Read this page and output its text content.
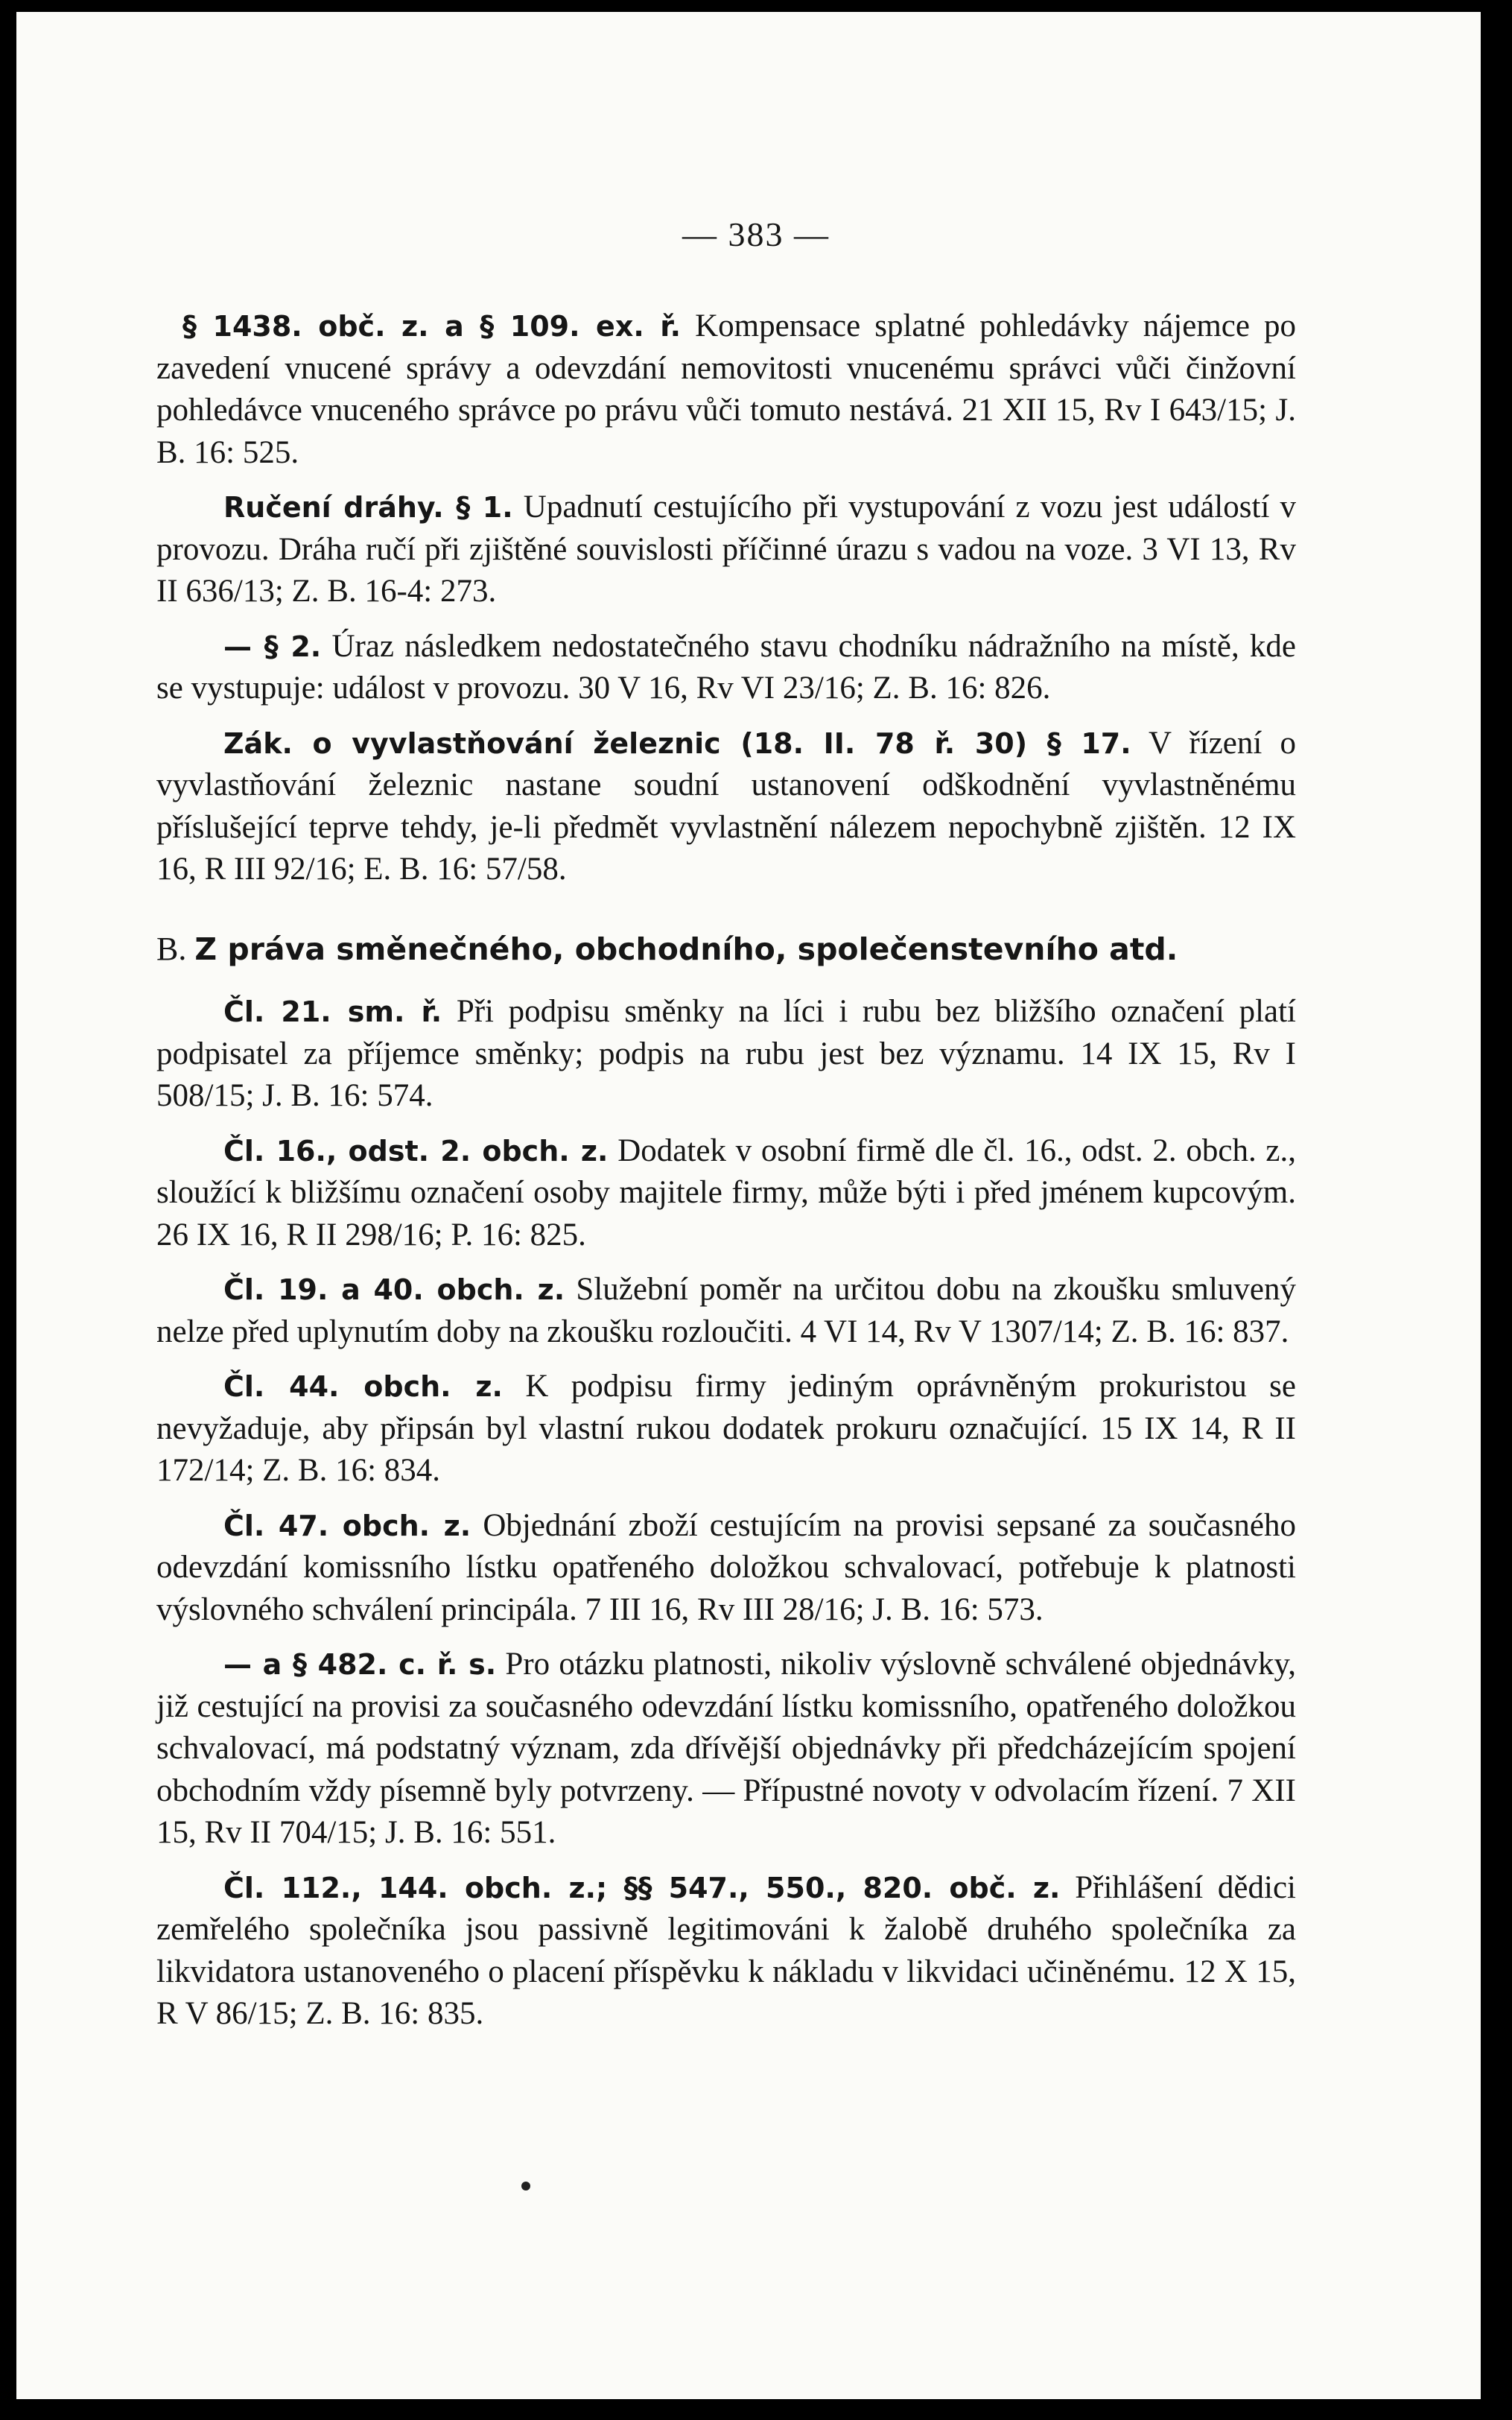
— 383 —

§ 1438. obč. z. a § 109. ex. ř. Kompensace splatné pohledávky nájemce po zavedení vnucené správy a odevzdání nemovitosti vnucenému správci vůči činžovní pohledávce vnuceného správce po právu vůči tomuto nestává. 21 XII 15, Rv I 643/15; J. B. 16: 525.

Ručení dráhy. § 1. Upadnutí cestujícího při vystupování z vozu jest událostí v provozu. Dráha ručí při zjištěné souvislosti příčinné úrazu s vadou na voze. 3 VI 13, Rv II 636/13; Z. B. 16-4: 273.

— § 2. Úraz následkem nedostatečného stavu chodníku nádražního na místě, kde se vystupuje: událost v provozu. 30 V 16, Rv VI 23/16; Z. B. 16: 826.

Zák. o vyvlastňování železnic (18. II. 78 ř. 30) § 17. V řízení o vyvlastňování železnic nastane soudní ustanovení odškodnění vyvlastněnému příslušející teprve tehdy, je-li předmět vyvlastnění nálezem nepochybně zjištěn. 12 IX 16, R III 92/16; E. B. 16: 57/58.

B. Z práva směnečného, obchodního, společenstevního atd.

Čl. 21. sm. ř. Při podpisu směnky na líci i rubu bez bližšího označení platí podpisatel za příjemce směnky; podpis na rubu jest bez významu. 14 IX 15, Rv I 508/15; J. B. 16: 574.

Čl. 16., odst. 2. obch. z. Dodatek v osobní firmě dle čl. 16., odst. 2. obch. z., sloužící k bližšímu označení osoby majitele firmy, může býti i před jménem kupcovým. 26 IX 16, R II 298/16; P. 16: 825.

Čl. 19. a 40. obch. z. Služební poměr na určitou dobu na zkoušku smluvený nelze před uplynutím doby na zkoušku rozloučiti. 4 VI 14, Rv V 1307/14; Z. B. 16: 837.

Čl. 44. obch. z. K podpisu firmy jediným oprávněným prokuristou se nevyžaduje, aby připsán byl vlastní rukou dodatek prokuru označující. 15 IX 14, R II 172/14; Z. B. 16: 834.

Čl. 47. obch. z. Objednání zboží cestujícím na provisi sepsané za současného odevzdání komissního lístku opatřeného doložkou schvalovací, potřebuje k platnosti výslovného schválení principála. 7 III 16, Rv III 28/16; J. B. 16: 573.

— a § 482. c. ř. s. Pro otázku platnosti, nikoliv výslovně schválené objednávky, již cestující na provisi za současného odevzdání lístku komissního, opatřeného doložkou schvalovací, má podstatný význam, zda dřívější objednávky při předcházejícím spojení obchodním vždy písemně byly potvrzeny. — Přípustné novoty v odvolacím řízení. 7 XII 15, Rv II 704/15; J. B. 16: 551.

Čl. 112., 144. obch. z.; §§ 547., 550., 820. obč. z. Přihlášení dědici zemřelého společníka jsou passivně legitimováni k žalobě druhého společníka za likvidatora ustanoveného o placení příspěvku k nákladu v likvidaci učiněnému. 12 X 15, R V 86/15; Z. B. 16: 835.
